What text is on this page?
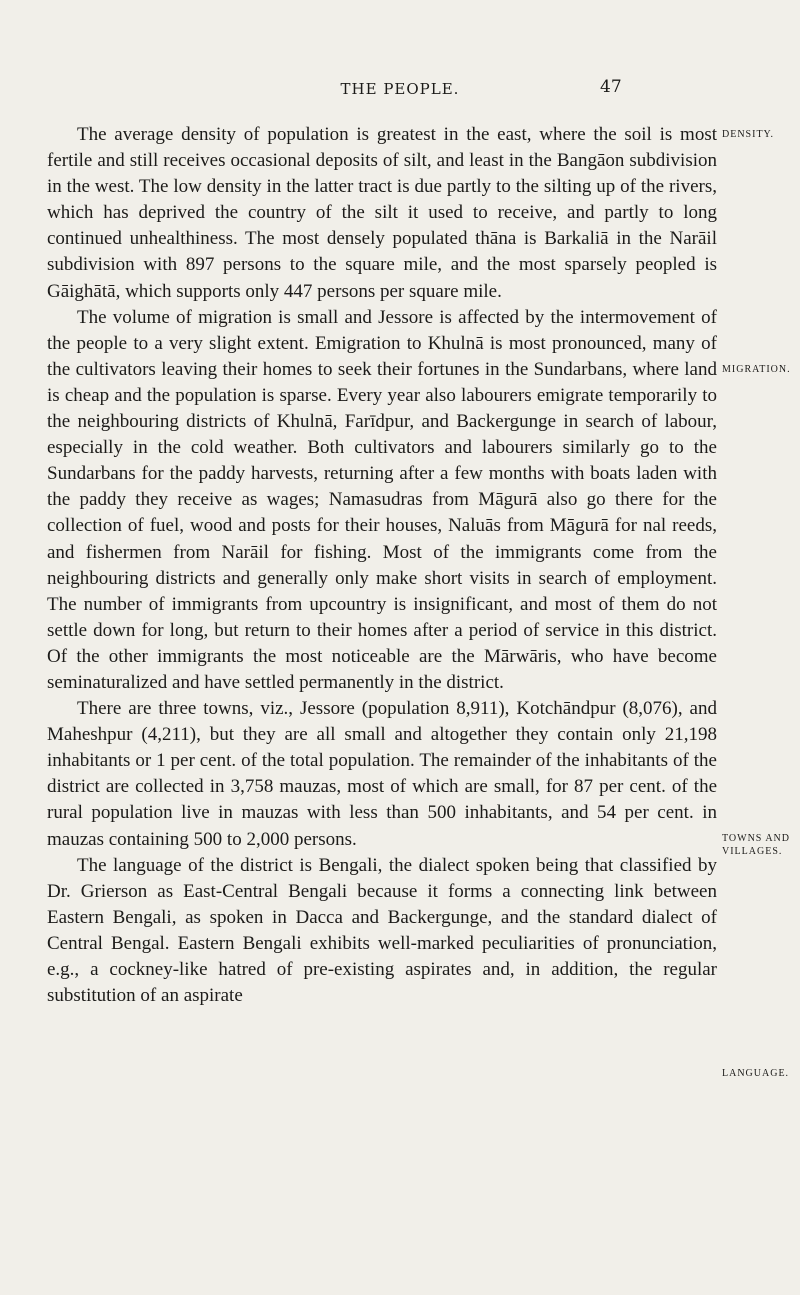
THE PEOPLE.	47

The average density of population is greatest in the east, where the soil is most fertile and still receives occasional deposits of silt, and least in the Bangāon subdivision in the west. The low density in the latter tract is due partly to the silting up of the rivers, which has deprived the country of the silt it used to receive, and partly to long continued unhealthiness. The most densely populated thāna is Barkaliā in the Narāil subdivision with 897 persons to the square mile, and the most sparsely peopled is Gāighātā, which supports only 447 persons per square mile.

The volume of migration is small and Jessore is affected by the intermovement of the people to a very slight extent. Emigration to Khulnā is most pronounced, many of the cultivators leaving their homes to seek their fortunes in the Sundarbans, where land is cheap and the population is sparse. Every year also labourers emigrate temporarily to the neighbouring districts of Khulnā, Farīdpur, and Backergunge in search of labour, especially in the cold weather. Both cultivators and labourers similarly go to the Sundarbans for the paddy harvests, returning after a few months with boats laden with the paddy they receive as wages; Namasudras from Māgurā also go there for the collection of fuel, wood and posts for their houses, Naluās from Māgurā for nal reeds, and fishermen from Narāil for fishing. Most of the immigrants come from the neighbouring districts and generally only make short visits in search of employment. The number of immigrants from upcountry is insignificant, and most of them do not settle down for long, but return to their homes after a period of service in this district. Of the other immigrants the most noticeable are the Mārwāris, who have become seminaturalized and have settled permanently in the district.

There are three towns, viz., Jessore (population 8,911), Kotchāndpur (8,076), and Maheshpur (4,211), but they are all small and altogether they contain only 21,198 inhabitants or 1 per cent. of the total population. The remainder of the inhabitants of the district are collected in 3,758 mauzas, most of which are small, for 87 per cent. of the rural population live in mauzas with less than 500 inhabitants, and 54 per cent. in mauzas containing 500 to 2,000 persons.

The language of the district is Bengali, the dialect spoken being that classified by Dr. Grierson as East-Central Bengali because it forms a connecting link between Eastern Bengali, as spoken in Dacca and Backergunge, and the standard dialect of Central Bengal. Eastern Bengali exhibits well-marked peculiarities of pronunciation, e.g., a cockney-like hatred of pre-existing aspirates and, in addition, the regular substitution of an aspirate

DENSITY.
MIGRATION.
TOWNS AND VILLAGES.
LANGUAGE.
